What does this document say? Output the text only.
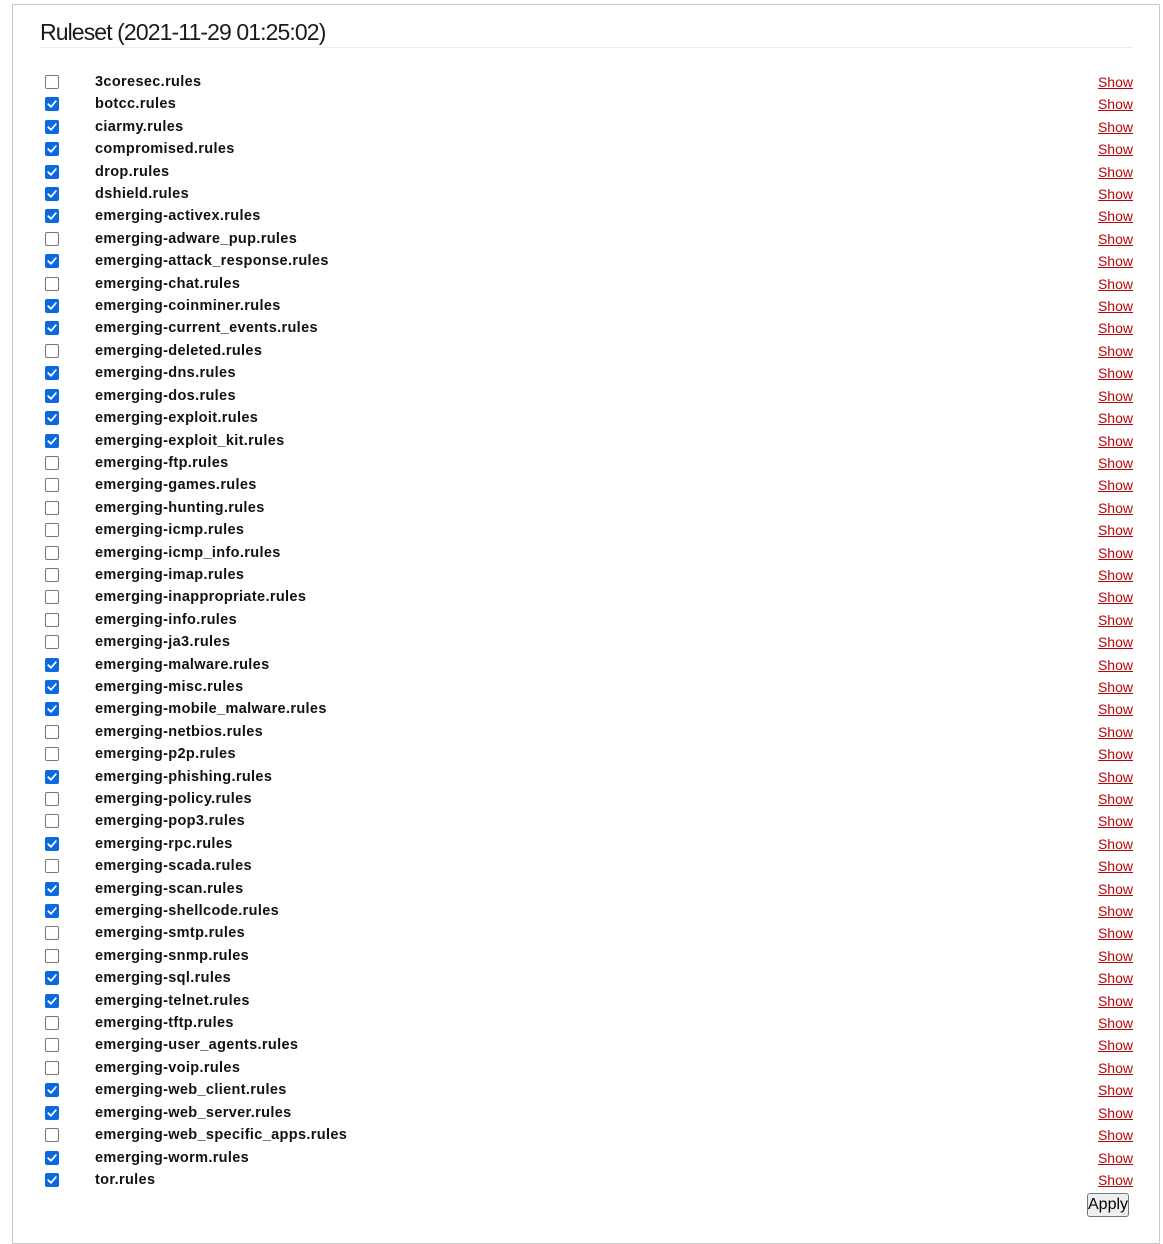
Ruleset (2021-11-29 01:25:02)
3coresec.rules	Show
botcc.rules	Show
ciarmy.rules	Show
compromised.rules	Show
drop.rules	Show
dshield.rules	Show
emerging-activex.rules	Show
emerging-adware_pup.rules	Show
emerging-attack_response.rules	Show
emerging-chat.rules	Show
emerging-coinminer.rules	Show
emerging-current_events.rules	Show
emerging-deleted.rules	Show
emerging-dns.rules	Show
emerging-dos.rules	Show
emerging-exploit.rules	Show
emerging-exploit_kit.rules	Show
emerging-ftp.rules	Show
emerging-games.rules	Show
emerging-hunting.rules	Show
emerging-icmp.rules	Show
emerging-icmp_info.rules	Show
emerging-imap.rules	Show
emerging-inappropriate.rules	Show
emerging-info.rules	Show
emerging-ja3.rules	Show
emerging-malware.rules	Show
emerging-misc.rules	Show
emerging-mobile_malware.rules	Show
emerging-netbios.rules	Show
emerging-p2p.rules	Show
emerging-phishing.rules	Show
emerging-policy.rules	Show
emerging-pop3.rules	Show
emerging-rpc.rules	Show
emerging-scada.rules	Show
emerging-scan.rules	Show
emerging-shellcode.rules	Show
emerging-smtp.rules	Show
emerging-snmp.rules	Show
emerging-sql.rules	Show
emerging-telnet.rules	Show
emerging-tftp.rules	Show
emerging-user_agents.rules	Show
emerging-voip.rules	Show
emerging-web_client.rules	Show
emerging-web_server.rules	Show
emerging-web_specific_apps.rules	Show
emerging-worm.rules	Show
tor.rules	Show
Apply
